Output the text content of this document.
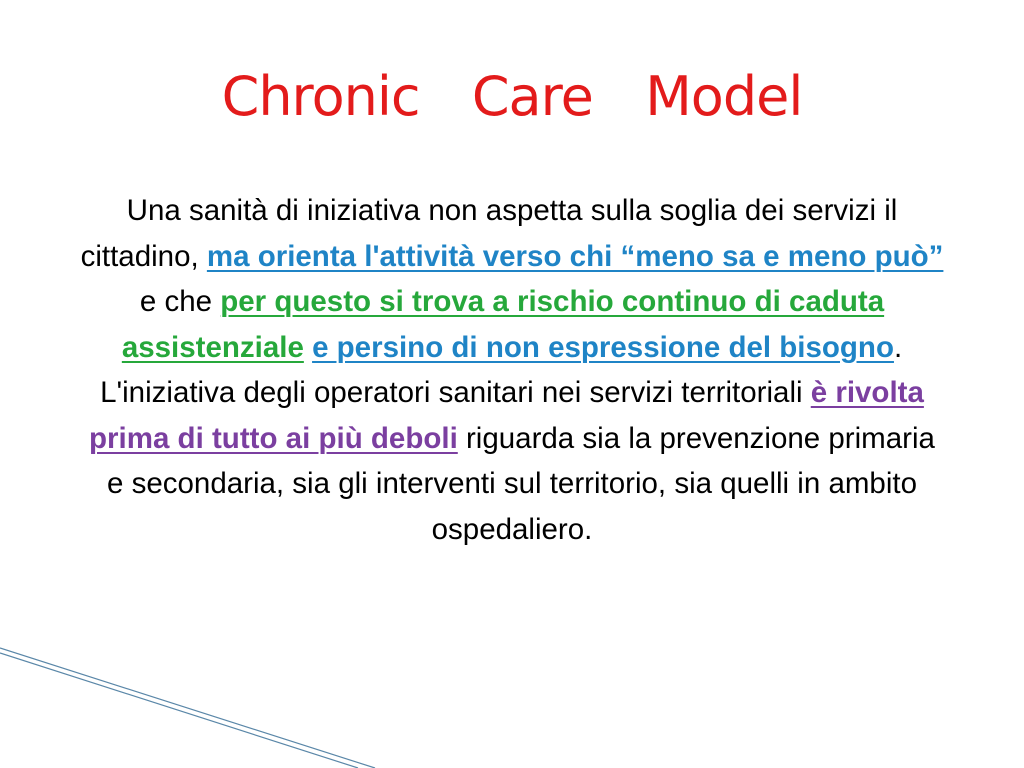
Chronic  Care  Model
Una sanità di iniziativa non aspetta sulla soglia dei servizi il cittadino, ma orienta l'attività verso chi “meno sa e meno può” e che per questo si trova a rischio continuo di caduta assistenziale e persino di non espressione del bisogno. L'iniziativa degli operatori sanitari nei servizi territoriali è rivolta prima di tutto ai più deboli riguarda sia la prevenzione primaria e secondaria, sia gli interventi sul territorio, sia quelli in ambito ospedaliero.
